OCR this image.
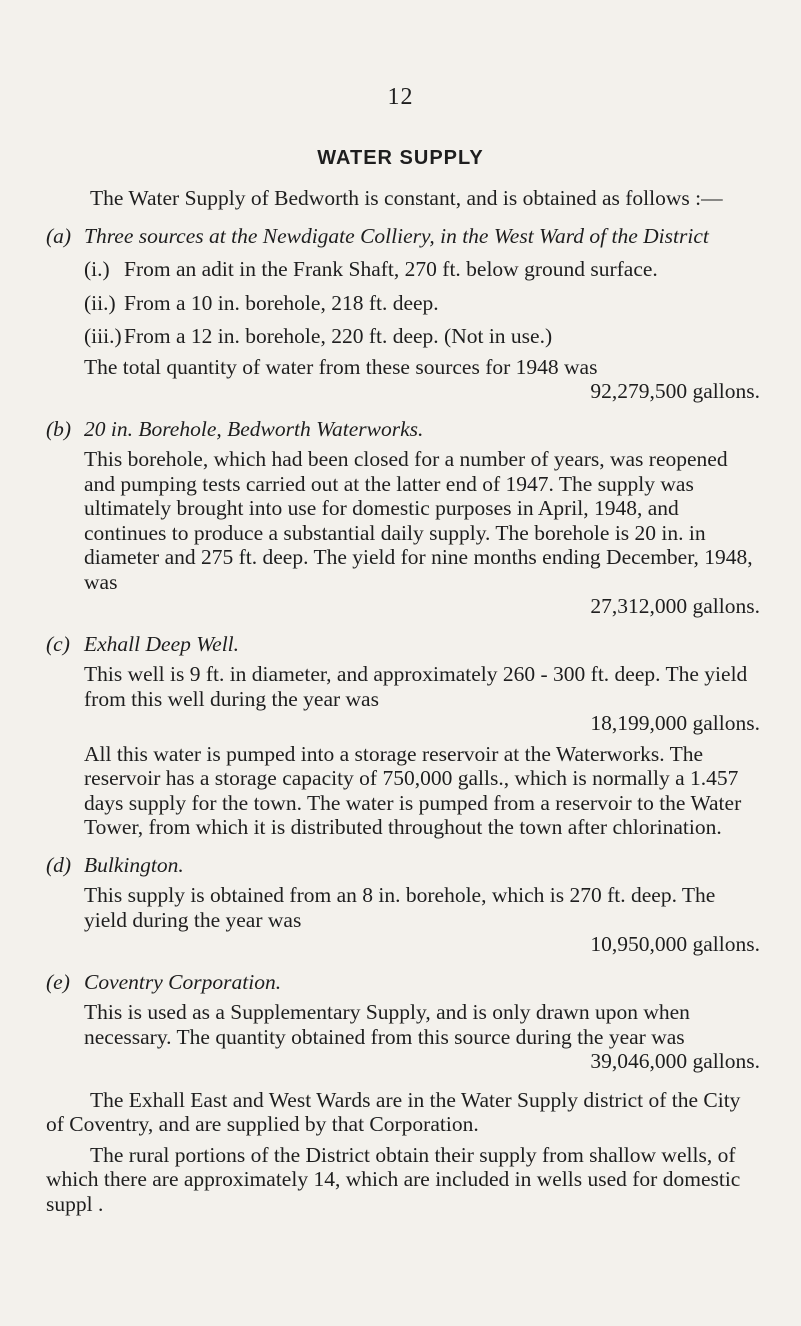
12
WATER SUPPLY

The Water Supply of Bedworth is constant, and is obtained as follows :—

(a) Three sources at the Newdigate Colliery, in the West Ward of the District
(i.) From an adit in the Frank Shaft, 270 ft. below ground surface.
(ii.) From a 10 in. borehole, 218 ft. deep.
(iii.) From a 12 in. borehole, 220 ft. deep. (Not in use.)

The total quantity of water from these sources for 1948 was

92,279,500 gallons.

(b) 20 in. Borehole, Bedworth Waterworks.

This borehole, which had been closed for a number of years, was reopened and pumping tests carried out at the latter end of 1947. The supply was ultimately brought into use for domestic purposes in April, 1948, and continues to produce a substantial daily supply. The borehole is 20 in. in diameter and 275 ft. deep. The yield for nine months ending December, 1948, was

27,312,000 gallons.

(c) Exhall Deep Well.

This well is 9 ft. in diameter, and approximately 260 - 300 ft. deep. The yield from this well during the year was

18,199,000 gallons.

All this water is pumped into a storage reservoir at the Waterworks. The reservoir has a storage capacity of 750,000 galls., which is normally a 1.457 days supply for the town. The water is pumped from a reservoir to the Water Tower, from which it is distributed throughout the town after chlorination.

(d) Bulkington.

This supply is obtained from an 8 in. borehole, which is 270 ft. deep. The yield during the year was

10,950,000 gallons.

(e) Coventry Corporation.

This is used as a Supplementary Supply, and is only drawn upon when necessary. The quantity obtained from this source during the year was

39,046,000 gallons.

The Exhall East and West Wards are in the Water Supply district of the City of Coventry, and are supplied by that Corporation.

The rural portions of the District obtain their supply from shallow wells, of which there are approximately 14, which are included in wells used for domestic suppl .
